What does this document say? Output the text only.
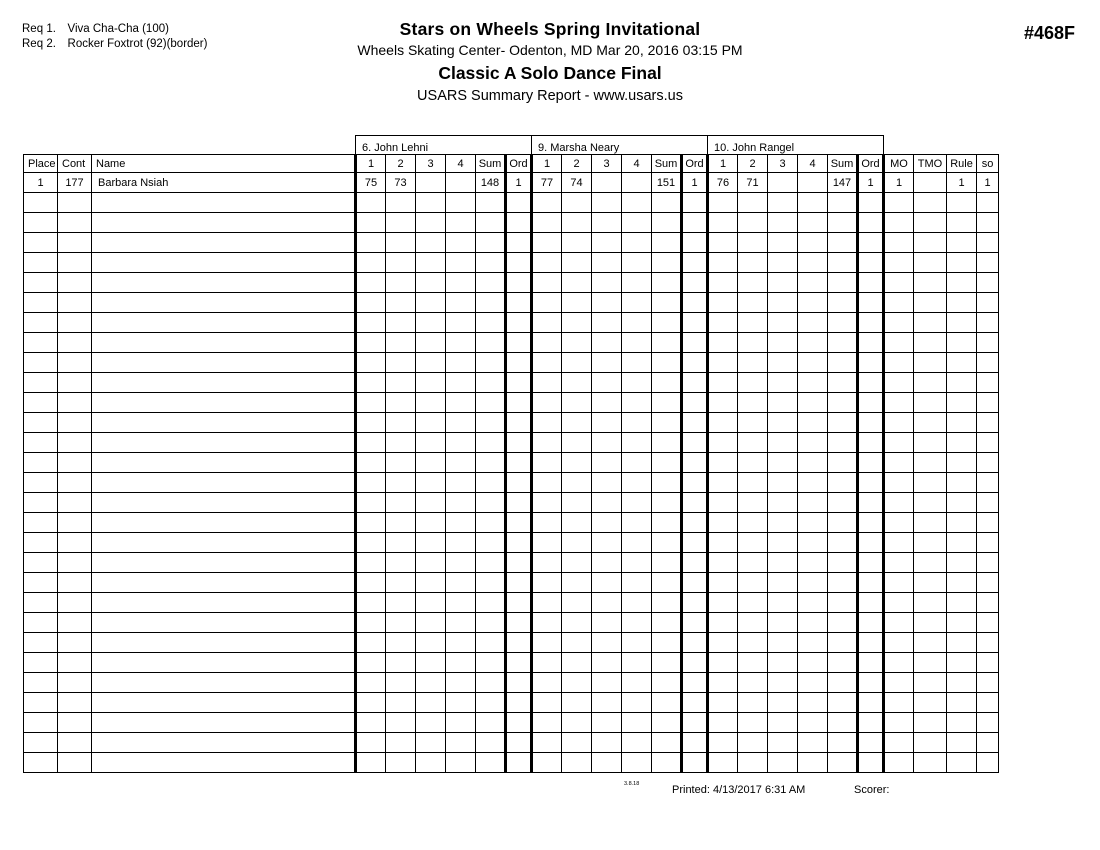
Req 1. Viva Cha-Cha (100)
Req 2. Rocker Foxtrot (92)(border)
Stars on Wheels Spring Invitational
Wheels Skating Center- Odenton, MD Mar 20, 2016 03:15 PM
Classic A Solo Dance Final
USARS Summary Report - www.usars.us
#468F
			6. John Lehni						9. Marsha Neary						10. John Rangel									
Place	Cont	Name	1	2	3	4	Sum	Ord	1	2	3	4	Sum	Ord	1	2	3	4	Sum	Ord	MO	TMO	Rule	so
1	177	Barbara Nsiah	75	73			148	1	77	74			151	1	76	71			147	1	1		1	1

3.8.18	Printed: 4/13/2017 6:31 AM	Scorer:
